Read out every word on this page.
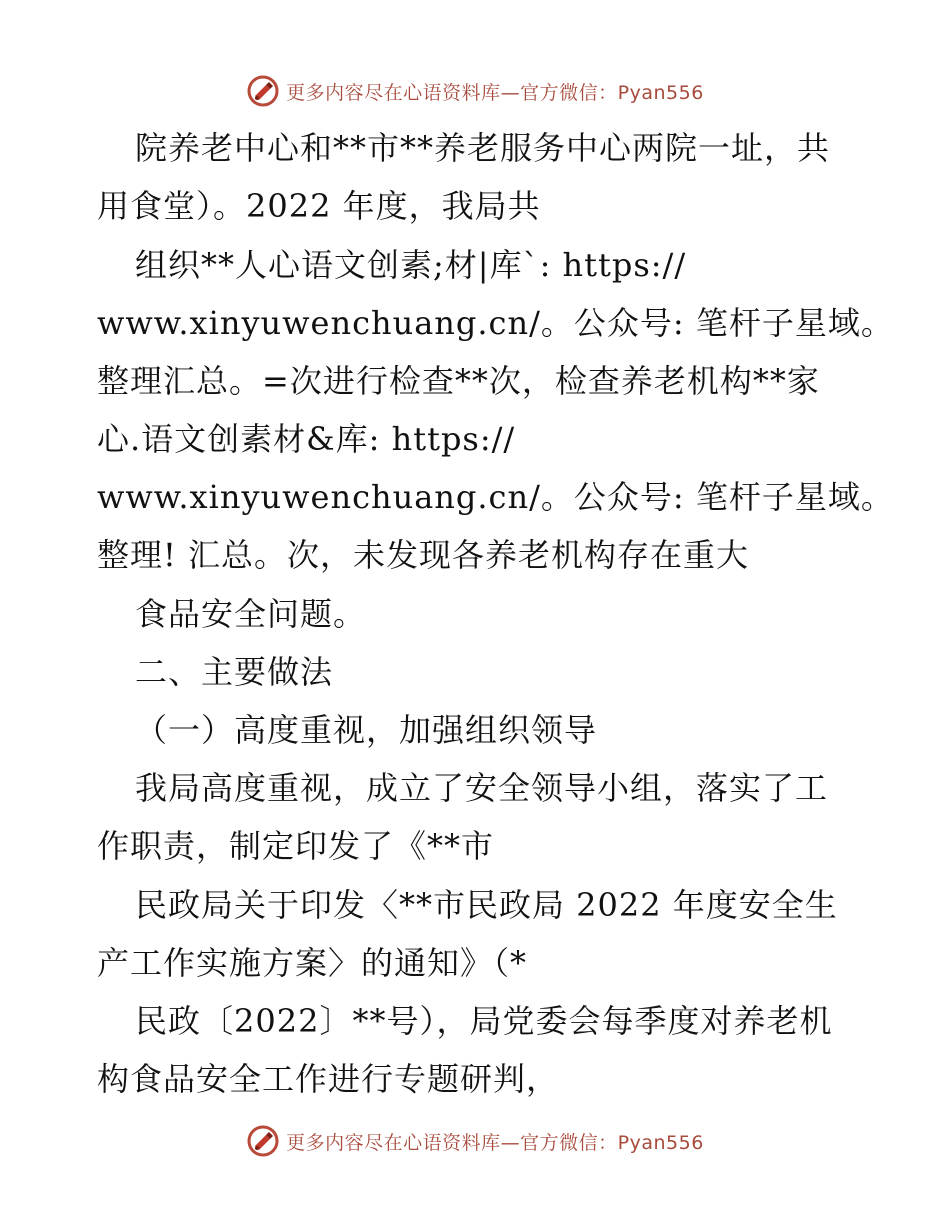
更多内容尽在心语资料库—官方微信：Pyan556
院养老中心和**市**养老服务中心两院一址，共
用食堂）。2022 年度，我局共
组织**人心语文创素;材|库`: https://
www.xinyuwenchuang.cn/。公众号: 笔杆子星域。
整理汇总。=次进行检查**次，检查养老机构**家
心.语文创素材&库: https://
www.xinyuwenchuang.cn/。公众号: 笔杆子星域。
整理! 汇总。次，未发现各养老机构存在重大
食品安全问题。
二、主要做法
（一）高度重视，加强组织领导
我局高度重视，成立了安全领导小组，落实了工
作职责，制定印发了《**市
民政局关于印发〈**市民政局 2022 年度安全生
产工作实施方案〉的通知》（*
民政〔2022〕**号），局党委会每季度对养老机
构食品安全工作进行专题研判，
更多内容尽在心语资料库—官方微信：Pyan556
